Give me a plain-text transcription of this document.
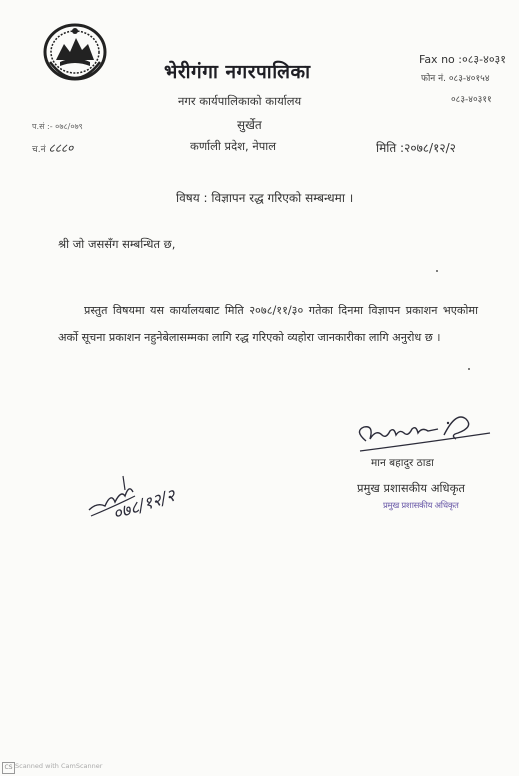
भेरीगंगा नगरपालिका
Fax no :०८३-४०३१
फोन नं. ०८३-४०१५४
०८३-४०३११
नगर कार्यपालिकाको कार्यालय
सुर्खेत
कर्णाली प्रदेश, नेपाल
प.सं :- ०७८/०७९
च.नं ८८८०	मिति :२०७८/१२/२
विषय : विज्ञापन रद्ध गरिएको सम्बन्धमा ।
श्री जो जससँग सम्बन्धित छ,
प्रस्तुत विषयमा यस कार्यालयबाट मिति २०७८/११/३० गतेका दिनमा विज्ञापन प्रकाशन भएकोमा अर्को सूचना प्रकाशन नहुनेबेलासम्मका लागि रद्ध गरिएको व्यहोरा जानकारीका लागि अनुरोध छ ।
मान बहादुर ठाडा
प्रमुख प्रशासकीय अधिकृत
प्रमुख प्रशासकीय अधिकृत
०७८/१२/२
CS Scanned with CamScanner
